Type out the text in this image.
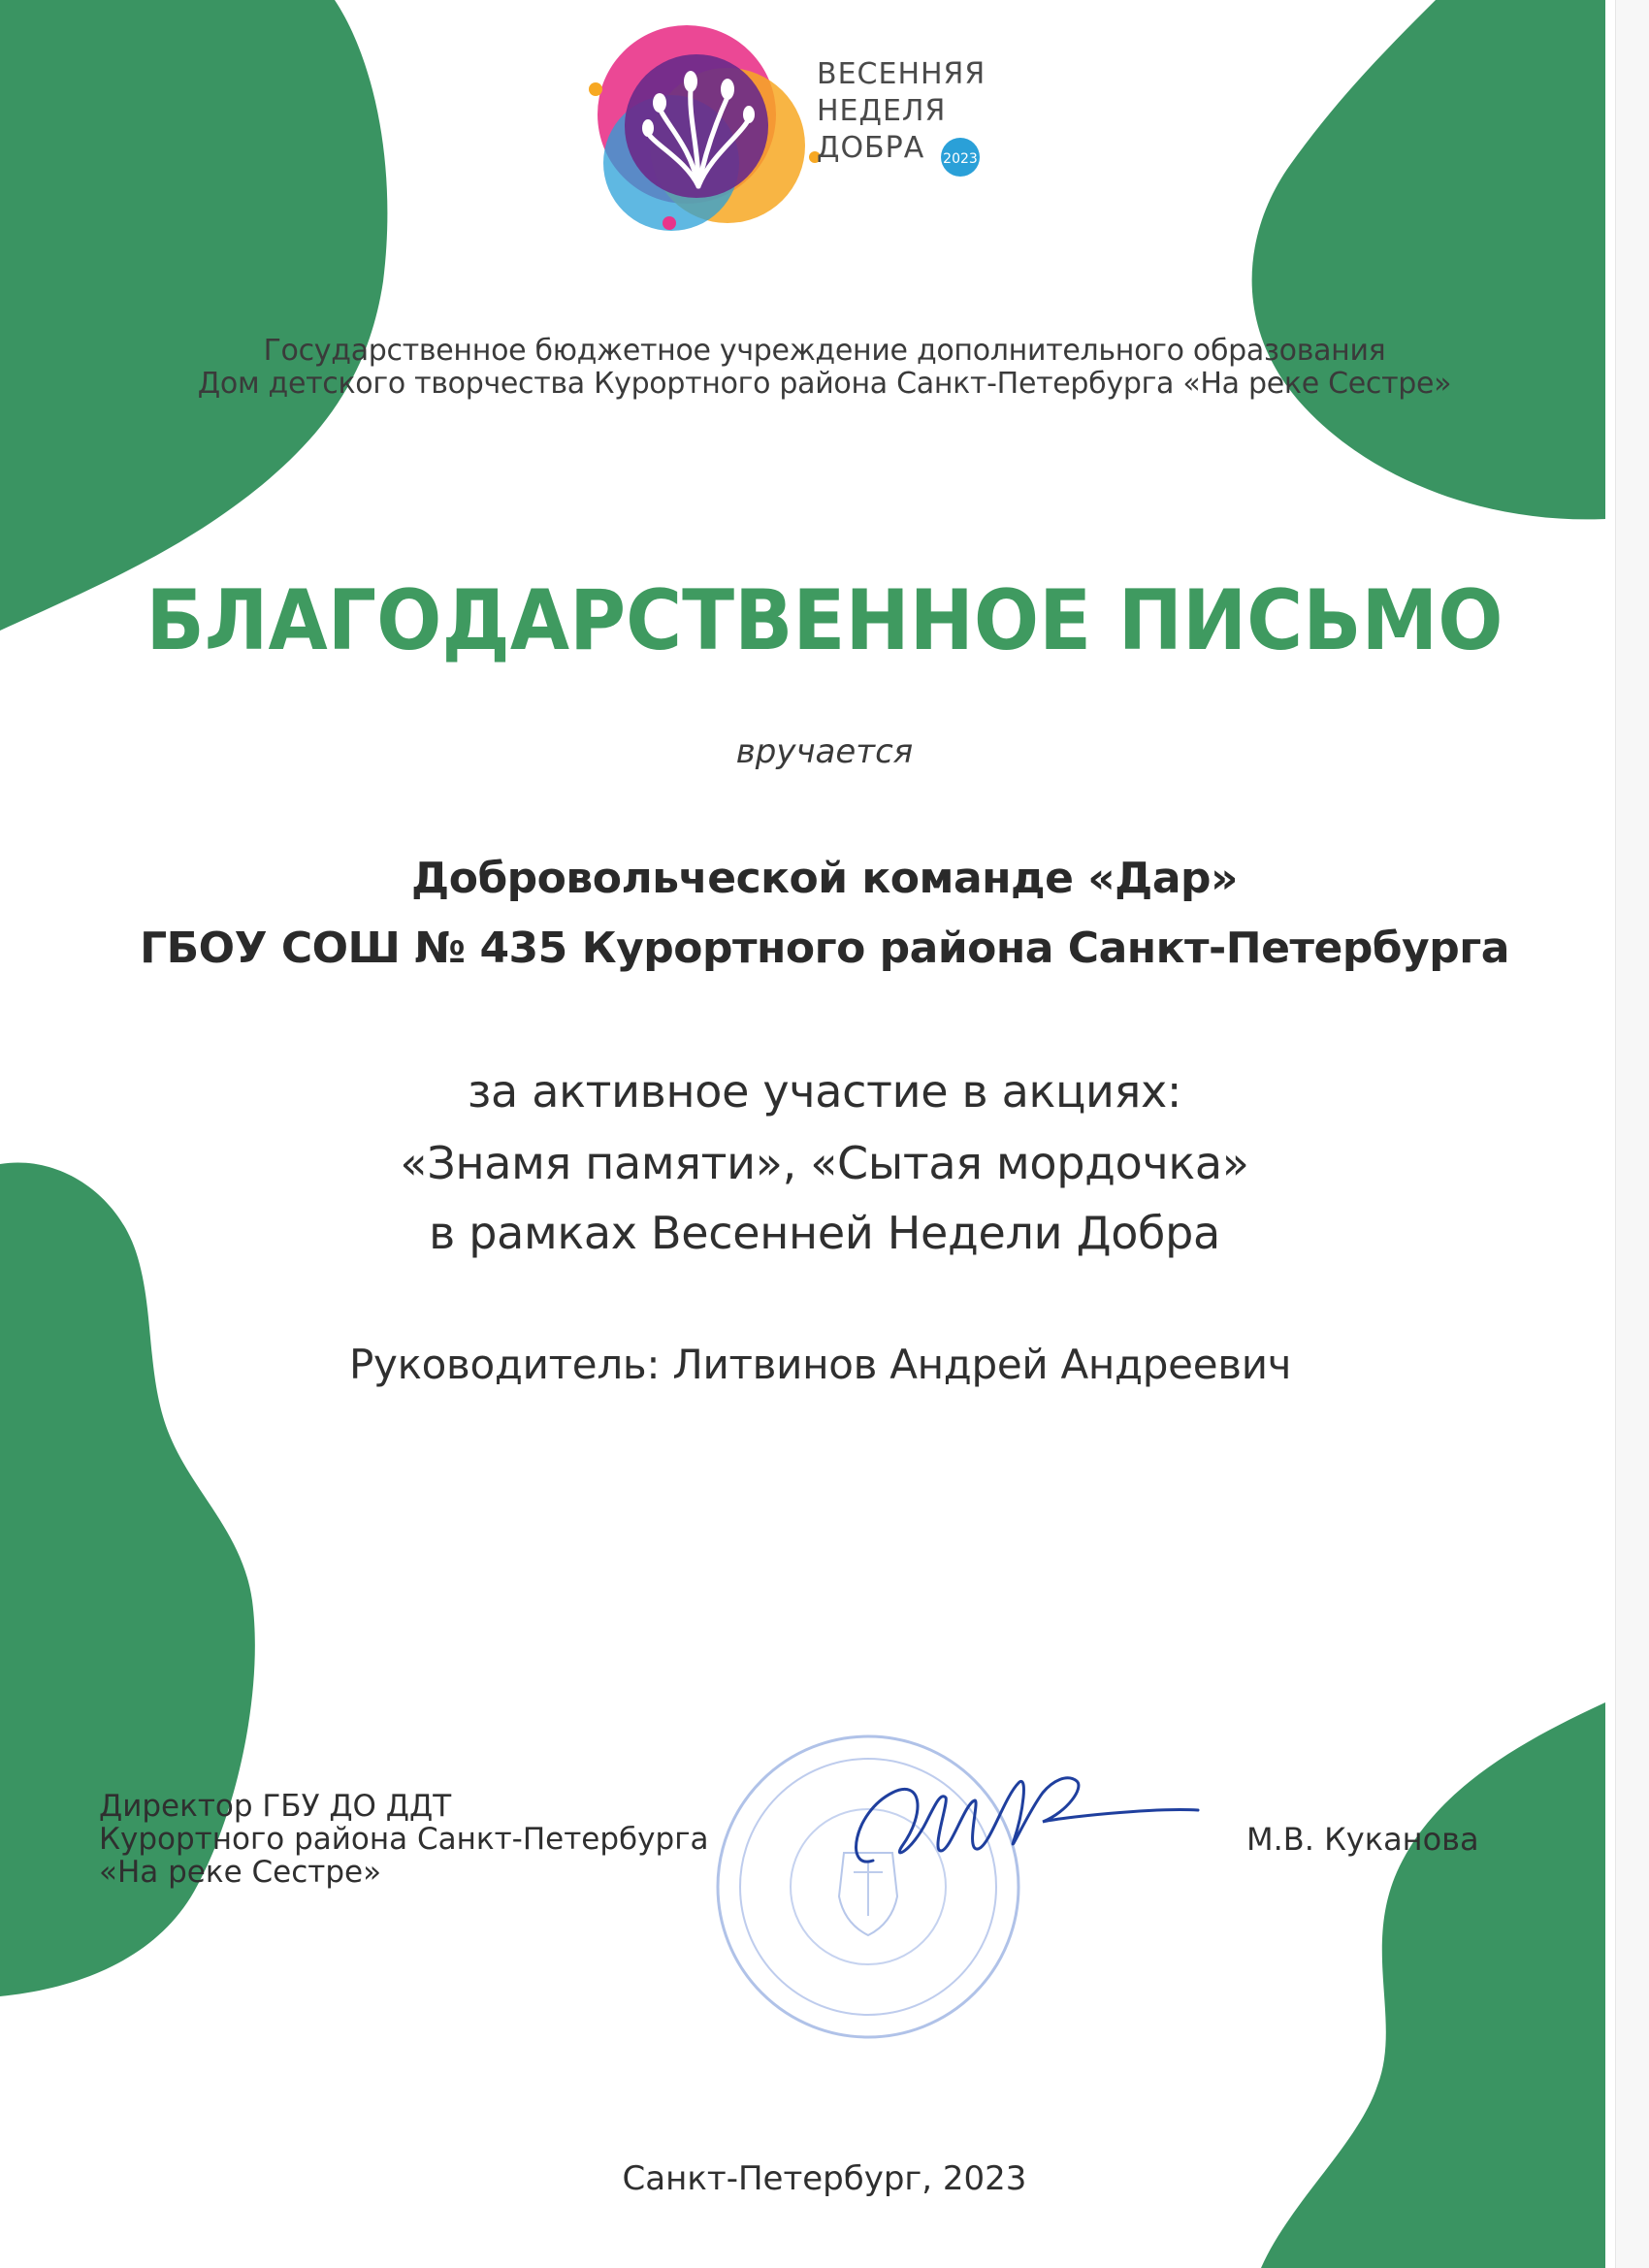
2023
ВЕСЕННЯЯ
НЕДЕЛЯ
ДОБРА
Государственное бюджетное учреждение дополнительного образования
Дом детского творчества Курортного района Санкт-Петербурга «На реке Сестре»
БЛАГОДАРСТВЕННОЕ ПИСЬМО
вручается
Добровольческой команде «Дар»
ГБОУ СОШ № 435 Курортного района Санкт-Петербурга
за активное участие в акциях:
«Знамя памяти», «Сытая мордочка»
в рамках Весенней Недели Добра
Руководитель: Литвинов Андрей Андреевич
Директор ГБУ ДО ДДТ
Курортного района Санкт-Петербурга
«На реке Сестре»
М.В. Куканова
Санкт-Петербург, 2023
